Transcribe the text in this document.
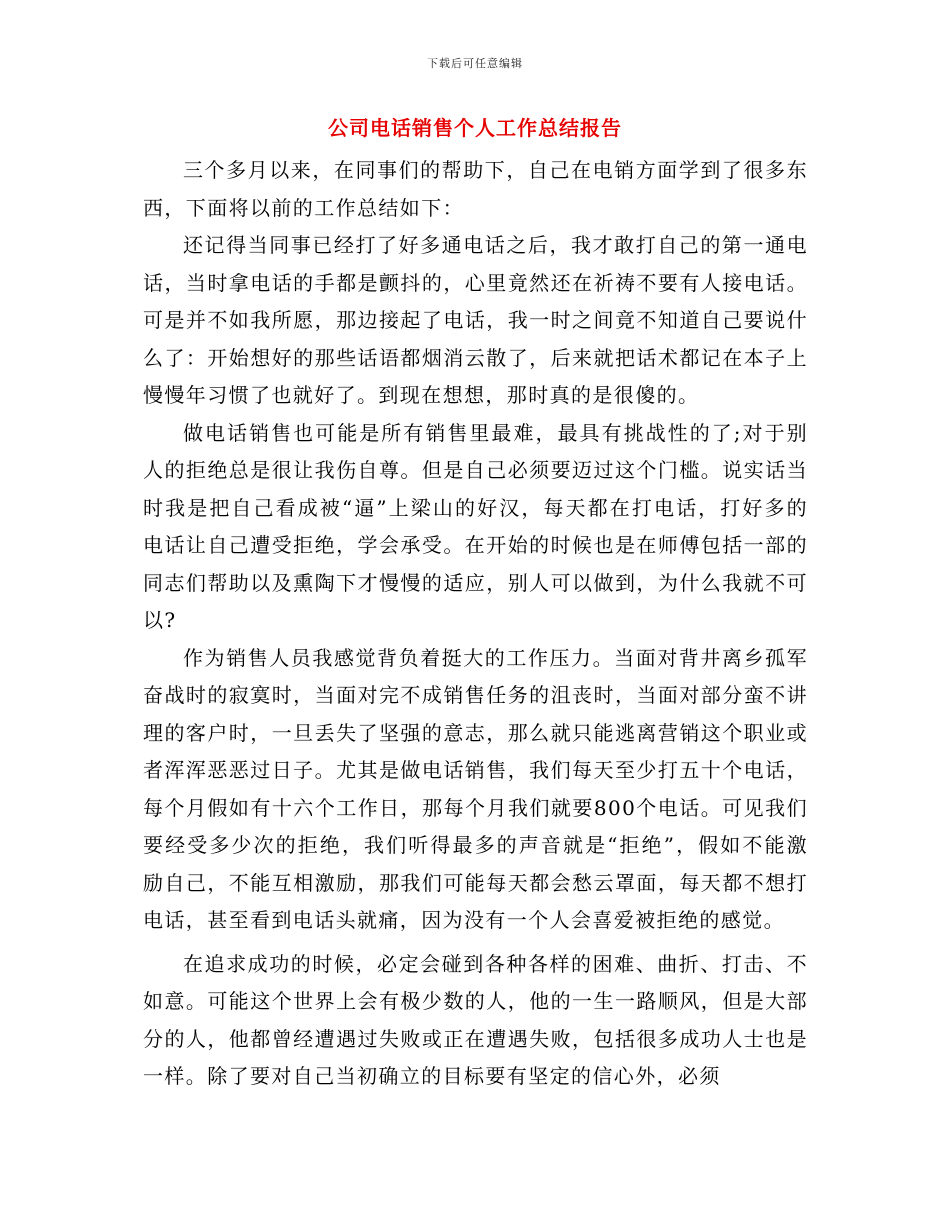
下载后可任意编辑
公司电话销售个人工作总结报告

三个多月以来，在同事们的帮助下，自己在电销方面学到了很多东西，下面将以前的工作总结如下：

还记得当同事已经打了好多通电话之后，我才敢打自己的第一通电话，当时拿电话的手都是颤抖的，心里竟然还在祈祷不要有人接电话。可是并不如我所愿，那边接起了电话，我一时之间竟不知道自己要说什么了：开始想好的那些话语都烟消云散了，后来就把话术都记在本子上慢慢年习惯了也就好了。到现在想想，那时真的是很傻的。

做电话销售也可能是所有销售里最难，最具有挑战性的了;对于别人的拒绝总是很让我伤自尊。但是自己必须要迈过这个门槛。说实话当时我是把自己看成被“逼”上梁山的好汉，每天都在打电话，打好多的电话让自己遭受拒绝，学会承受。在开始的时候也是在师傅包括一部的同志们帮助以及熏陶下才慢慢的适应，别人可以做到，为什么我就不可以?

作为销售人员我感觉背负着挺大的工作压力。当面对背井离乡孤军奋战时的寂寞时，当面对完不成销售任务的沮丧时，当面对部分蛮不讲理的客户时，一旦丢失了坚强的意志，那么就只能逃离营销这个职业或者浑浑恶恶过日子。尤其是做电话销售，我们每天至少打五十个电话，每个月假如有十六个工作日，那每个月我们就要800个电话。可见我们要经受多少次的拒绝，我们听得最多的声音就是“拒绝”，假如不能激励自己，不能互相激励，那我们可能每天都会愁云罩面，每天都不想打电话，甚至看到电话头就痛，因为没有一个人会喜爱被拒绝的感觉。

在追求成功的时候，必定会碰到各种各样的困难、曲折、打击、不如意。可能这个世界上会有极少数的人，他的一生一路顺风，但是大部分的人，他都曾经遭遇过失败或正在遭遇失败，包括很多成功人士也是一样。除了要对自己当初确立的目标要有坚定的信心外，必须
